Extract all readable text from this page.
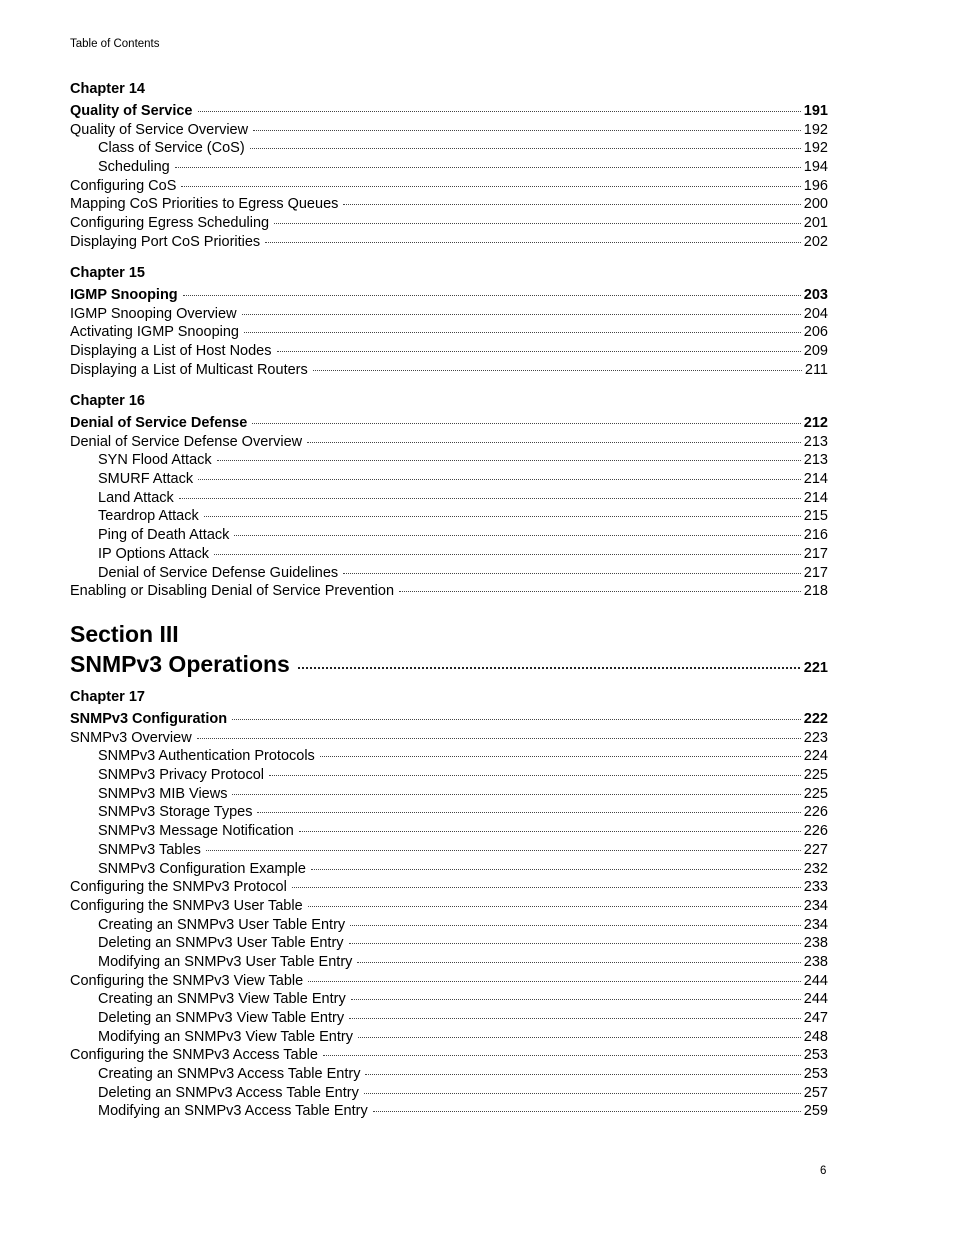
Table of Contents
Chapter 14
Quality of Service	191
Quality of Service Overview	192
Class of Service (CoS)	192
Scheduling	194
Configuring CoS	196
Mapping CoS Priorities to Egress Queues	200
Configuring Egress Scheduling	201
Displaying Port CoS Priorities	202
Chapter 15
IGMP Snooping	203
IGMP Snooping Overview	204
Activating IGMP Snooping	206
Displaying a List of Host Nodes	209
Displaying a List of Multicast Routers	211
Chapter 16
Denial of Service Defense	212
Denial of Service Defense Overview	213
SYN Flood Attack	213
SMURF Attack	214
Land Attack	214
Teardrop Attack	215
Ping of Death Attack	216
IP Options Attack	217
Denial of Service Defense Guidelines	217
Enabling or Disabling Denial of Service Prevention	218
Section III
SNMPv3 Operations	221
Chapter 17
SNMPv3 Configuration	222
SNMPv3 Overview	223
SNMPv3 Authentication Protocols	224
SNMPv3 Privacy Protocol	225
SNMPv3 MIB Views	225
SNMPv3 Storage Types	226
SNMPv3 Message Notification	226
SNMPv3 Tables	227
SNMPv3 Configuration Example	232
Configuring the SNMPv3 Protocol	233
Configuring the SNMPv3 User Table	234
Creating an SNMPv3 User Table Entry	234
Deleting an SNMPv3 User Table Entry	238
Modifying an SNMPv3 User Table Entry	238
Configuring the SNMPv3 View Table	244
Creating an SNMPv3 View Table Entry	244
Deleting an SNMPv3 View Table Entry	247
Modifying an SNMPv3 View Table Entry	248
Configuring the SNMPv3 Access Table	253
Creating an SNMPv3 Access Table Entry	253
Deleting an SNMPv3 Access Table Entry	257
Modifying an SNMPv3 Access Table Entry	259
6
